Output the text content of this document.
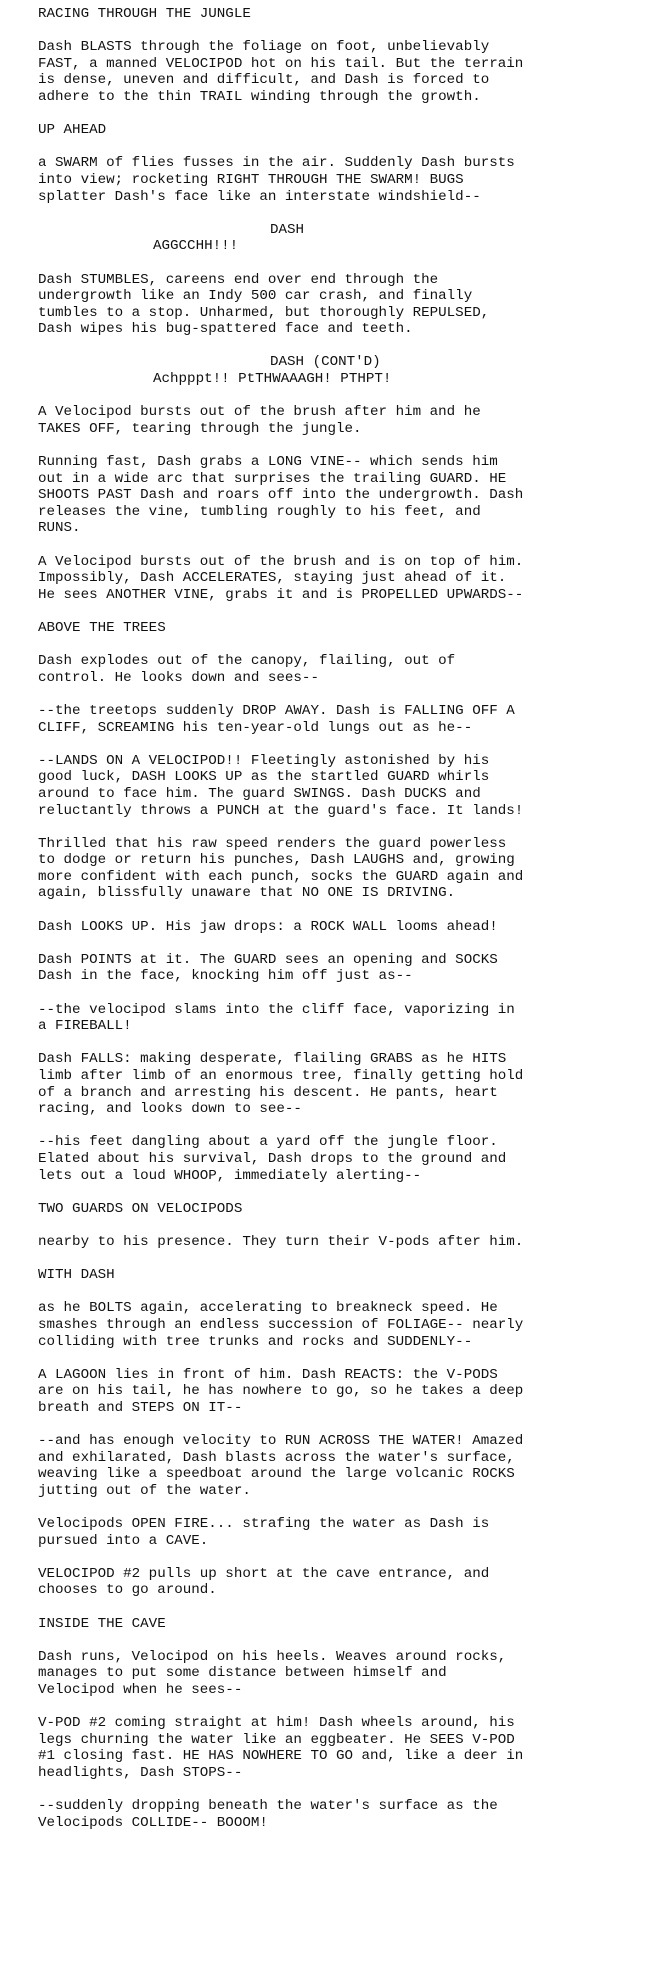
RACING THROUGH THE JUNGLE
Dash BLASTS through the foliage on foot, unbelievably
FAST, a manned VELOCIPOD hot on his tail. But the terrain
is dense, uneven and difficult, and Dash is forced to
adhere to the thin TRAIL winding through the growth.
UP AHEAD
a SWARM of flies fusses in the air. Suddenly Dash bursts
into view; rocketing RIGHT THROUGH THE SWARM! BUGS
splatter Dash's face like an interstate windshield--
DASH
AGGCCHH!!!
Dash STUMBLES, careens end over end through the
undergrowth like an Indy 500 car crash, and finally
tumbles to a stop. Unharmed, but thoroughly REPULSED,
Dash wipes his bug-spattered face and teeth.
DASH (CONT'D)
Achpppt!! PtTHWAAAGH! PTHPT!
A Velocipod bursts out of the brush after him and he
TAKES OFF, tearing through the jungle.
Running fast, Dash grabs a LONG VINE-- which sends him
out in a wide arc that surprises the trailing GUARD. HE
SHOOTS PAST Dash and roars off into the undergrowth. Dash
releases the vine, tumbling roughly to his feet, and
RUNS.
A Velocipod bursts out of the brush and is on top of him.
Impossibly, Dash ACCELERATES, staying just ahead of it.
He sees ANOTHER VINE, grabs it and is PROPELLED UPWARDS--
ABOVE THE TREES
Dash explodes out of the canopy, flailing, out of
control. He looks down and sees--
--the treetops suddenly DROP AWAY. Dash is FALLING OFF A
CLIFF, SCREAMING his ten-year-old lungs out as he--
--LANDS ON A VELOCIPOD!! Fleetingly astonished by his
good luck, DASH LOOKS UP as the startled GUARD whirls
around to face him. The guard SWINGS. Dash DUCKS and
reluctantly throws a PUNCH at the guard's face. It lands!
Thrilled that his raw speed renders the guard powerless
to dodge or return his punches, Dash LAUGHS and, growing
more confident with each punch, socks the GUARD again and
again, blissfully unaware that NO ONE IS DRIVING.
Dash LOOKS UP. His jaw drops: a ROCK WALL looms ahead!
Dash POINTS at it. The GUARD sees an opening and SOCKS
Dash in the face, knocking him off just as--
--the velocipod slams into the cliff face, vaporizing in
a FIREBALL!
Dash FALLS: making desperate, flailing GRABS as he HITS
limb after limb of an enormous tree, finally getting hold
of a branch and arresting his descent. He pants, heart
racing, and looks down to see--
--his feet dangling about a yard off the jungle floor.
Elated about his survival, Dash drops to the ground and
lets out a loud WHOOP, immediately alerting--
TWO GUARDS ON VELOCIPODS
nearby to his presence. They turn their V-pods after him.
WITH DASH
as he BOLTS again, accelerating to breakneck speed. He
smashes through an endless succession of FOLIAGE-- nearly
colliding with tree trunks and rocks and SUDDENLY--
A LAGOON lies in front of him. Dash REACTS: the V-PODS
are on his tail, he has nowhere to go, so he takes a deep
breath and STEPS ON IT--
--and has enough velocity to RUN ACROSS THE WATER! Amazed
and exhilarated, Dash blasts across the water's surface,
weaving like a speedboat around the large volcanic ROCKS
jutting out of the water.
Velocipods OPEN FIRE... strafing the water as Dash is
pursued into a CAVE.
VELOCIPOD #2 pulls up short at the cave entrance, and
chooses to go around.
INSIDE THE CAVE
Dash runs, Velocipod on his heels. Weaves around rocks,
manages to put some distance between himself and
Velocipod when he sees--
V-POD #2 coming straight at him! Dash wheels around, his
legs churning the water like an eggbeater. He SEES V-POD
#1 closing fast. HE HAS NOWHERE TO GO and, like a deer in
headlights, Dash STOPS--
--suddenly dropping beneath the water's surface as the
Velocipods COLLIDE-- BOOOM!
